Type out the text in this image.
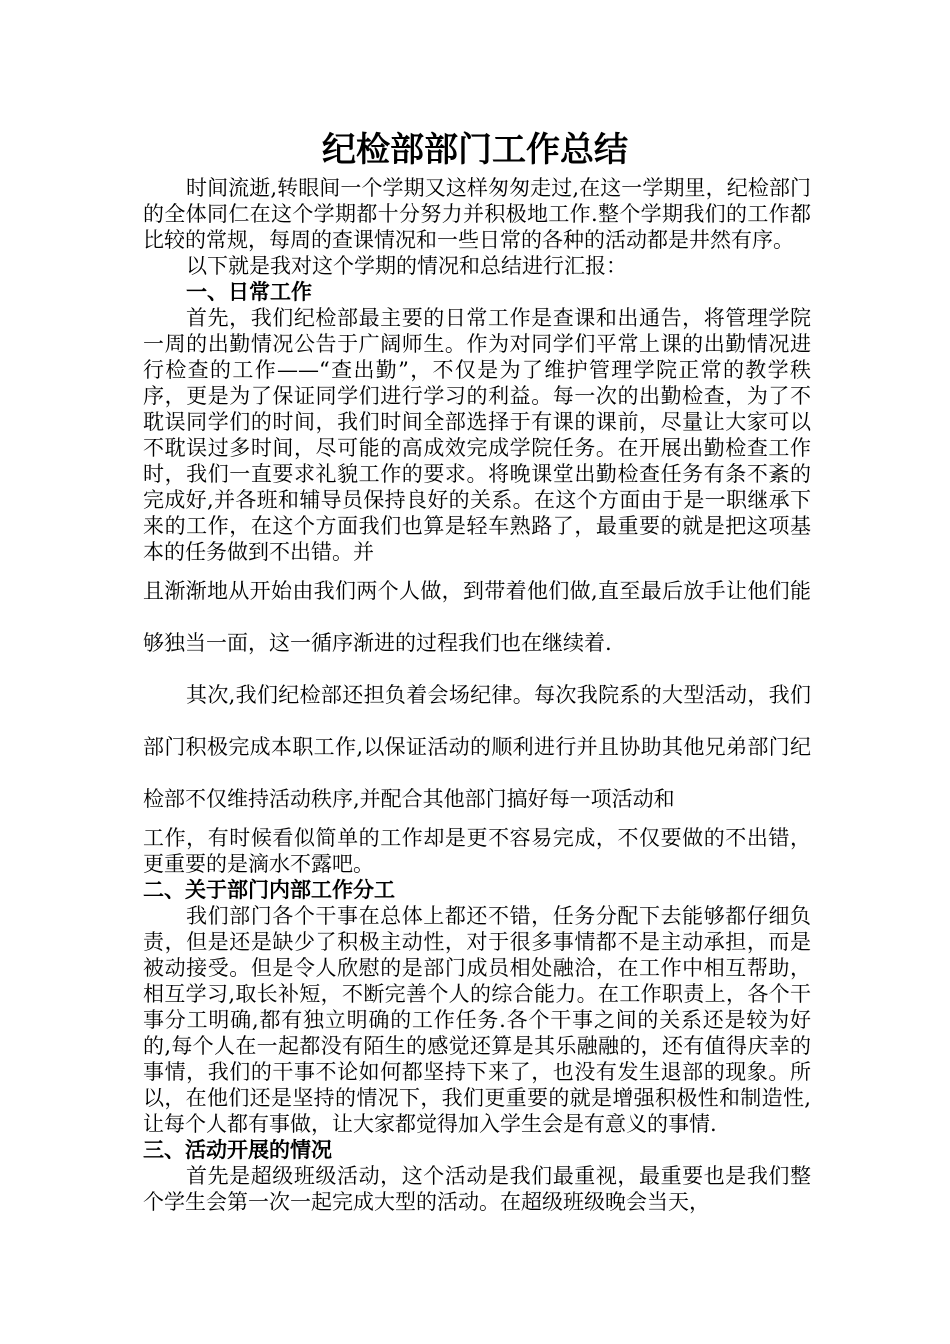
纪检部部门工作总结

时间流逝,转眼间一个学期又这样匆匆走过,在这一学期里，纪检部门的全体同仁在这个学期都十分努力并积极地工作.整个学期我们的工作都比较的常规，每周的查课情况和一些日常的各种的活动都是井然有序。

以下就是我对这个学期的情况和总结进行汇报：

一、日常工作

首先，我们纪检部最主要的日常工作是查课和出通告，将管理学院一周的出勤情况公告于广阔师生。作为对同学们平常上课的出勤情况进行检查的工作——“查出勤”，不仅是为了维护管理学院正常的教学秩序，更是为了保证同学们进行学习的利益。每一次的出勤检查，为了不耽误同学们的时间，我们时间全部选择于有课的课前，尽量让大家可以不耽误过多时间，尽可能的高成效完成学院任务。在开展出勤检查工作时，我们一直要求礼貌工作的要求。将晚课堂出勤检查任务有条不紊的完成好,并各班和辅导员保持良好的关系。在这个方面由于是一职继承下来的工作，在这个方面我们也算是轻车熟路了，最重要的就是把这项基本的任务做到不出错。并

且渐渐地从开始由我们两个人做，到带着他们做,直至最后放手让他们能够独当一面，这一循序渐进的过程我们也在继续着.

其次,我们纪检部还担负着会场纪律。每次我院系的大型活动，我们部门积极完成本职工作,以保证活动的顺利进行并且协助其他兄弟部门纪检部不仅维持活动秩序,并配合其他部门搞好每一项活动和

工作，有时候看似简单的工作却是更不容易完成，不仅要做的不出错，更重要的是滴水不露吧。

二、关于部门内部工作分工

我们部门各个干事在总体上都还不错，任务分配下去能够都仔细负责，但是还是缺少了积极主动性，对于很多事情都不是主动承担，而是被动接受。但是令人欣慰的是部门成员相处融洽，在工作中相互帮助，相互学习,取长补短，不断完善个人的综合能力。在工作职责上，各个干事分工明确,都有独立明确的工作任务.各个干事之间的关系还是较为好的,每个人在一起都没有陌生的感觉还算是其乐融融的，还有值得庆幸的事情，我们的干事不论如何都坚持下来了，也没有发生退部的现象。所以，在他们还是坚持的情况下，我们更重要的就是增强积极性和制造性,让每个人都有事做，让大家都觉得加入学生会是有意义的事情.

三、活动开展的情况

首先是超级班级活动，这个活动是我们最重视，最重要也是我们整个学生会第一次一起完成大型的活动。在超级班级晚会当天，
